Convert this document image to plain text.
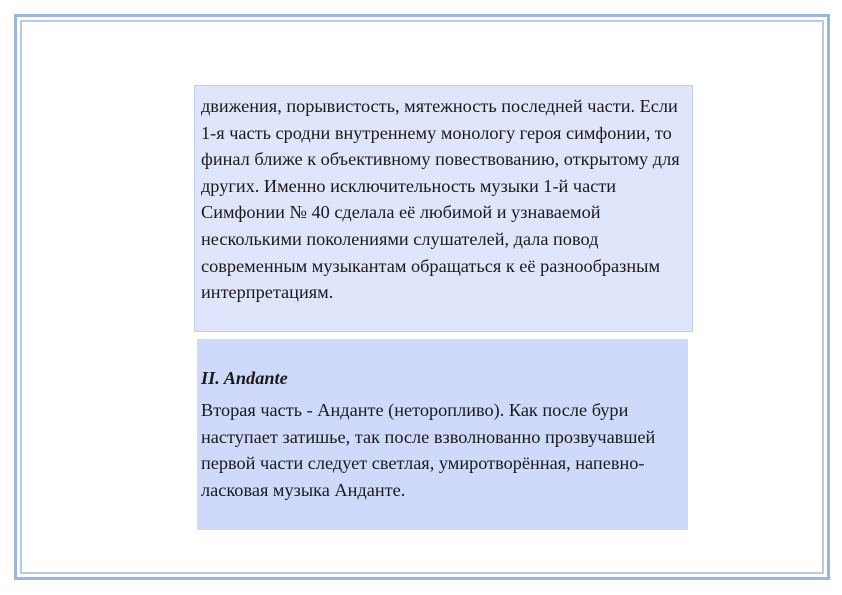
движения, порывистость, мятежность последней части. Если 1-я часть сродни внутреннему монологу героя симфонии, то финал ближе к объективному повествованию, открытому для других. Именно исключительность музыки 1-й части Симфонии № 40 сделала её любимой и узнаваемой несколькими поколениями слушателей, дала повод современным музыкантам обращаться к её разнообразным интерпретациям.

II. Andante

Вторая часть - Анданте (неторопливо). Как после бури наступает затишье, так после взволнованно прозвучавшей первой части следует светлая, умиротворённая, напевно-ласковая музыка Анданте.
